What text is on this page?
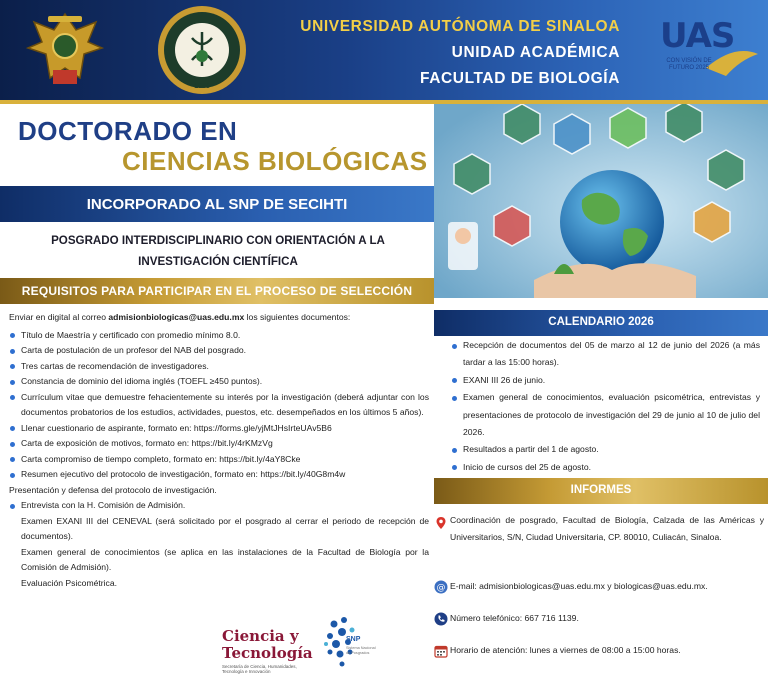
1958
UNIVERSIDAD AUTÓNOMA DE SINALOA
UNIDAD ACADÉMICA
FACULTAD DE BIOLOGÍA
UAS
CON VISIÓN DE FUTURO 2025
DOCTORADO EN
CIENCIAS BIOLÓGICAS
INCORPORADO AL SNP DE SECIHTI
POSGRADO INTERDISCIPLINARIO CON ORIENTACIÓN A LA
INVESTIGACIÓN CIENTÍFICA
REQUISITOS PARA PARTICIPAR EN EL PROCESO DE SELECCIÓN
Enviar en digital al correo admisionbiologicas@uas.edu.mx los siguientes documentos:
Título de Maestría y certificado con promedio mínimo 8.0.
Carta de postulación de un profesor del NAB del posgrado.
Tres cartas de recomendación de investigadores.
Constancia de dominio del idioma inglés (TOEFL ≥450 puntos).
Currículum vitae que demuestre fehacientemente su interés por la investigación (deberá adjuntar con los documentos probatorios de los estudios, actividades, puestos, etc. desempeñados en los últimos 5 años).
Llenar cuestionario de aspirante, formato en: https://forms.gle/yjMtJHsIrteUAv5B6
Carta de exposición de motivos, formato en: https://bit.ly/4rKMzVg
Carta compromiso de tiempo completo, formato en: https://bit.ly/4aY8Cke
Resumen ejecutivo del protocolo de investigación, formato en: https://bit.ly/40G8m4w
Presentación y defensa del protocolo de investigación.
Entrevista con la H. Comisión de Admisión.
Examen EXANI III del CENEVAL (será solicitado por el posgrado al cerrar el periodo de recepción de documentos).
Examen general de conocimientos (se aplica en las instalaciones de la Facultad de Biología por la Comisión de Admisión).
Evaluación Psicométrica.
Ciencia y
Tecnología
Secretaría de Ciencia, Humanidades, Tecnología e Innovación
SNP
Sistema Nacional de Posgrados
CALENDARIO 2026
Recepción de documentos del 05 de marzo al 12 de junio del 2026 (a más tardar a las 15:00 horas).
EXANI III 26 de junio.
Examen general de conocimientos, evaluación psicométrica, entrevistas y presentaciones de protocolo de investigación del 29 de junio al 10 de julio del 2026.
Resultados a partir del 1 de agosto.
Inicio de cursos del 25 de agosto.
INFORMES
Coordinación de posgrado, Facultad de Biología, Calzada de las Américas y Universitarios, S/N, Ciudad Universitaria, CP. 80010, Culiacán, Sinaloa.
@ E-mail: admisionbiologicas@uas.edu.mx y biologicas@uas.edu.mx.
Número telefónico: 667 716 1139.
Horario de atención: lunes a viernes de 08:00 a 15:00 horas.
